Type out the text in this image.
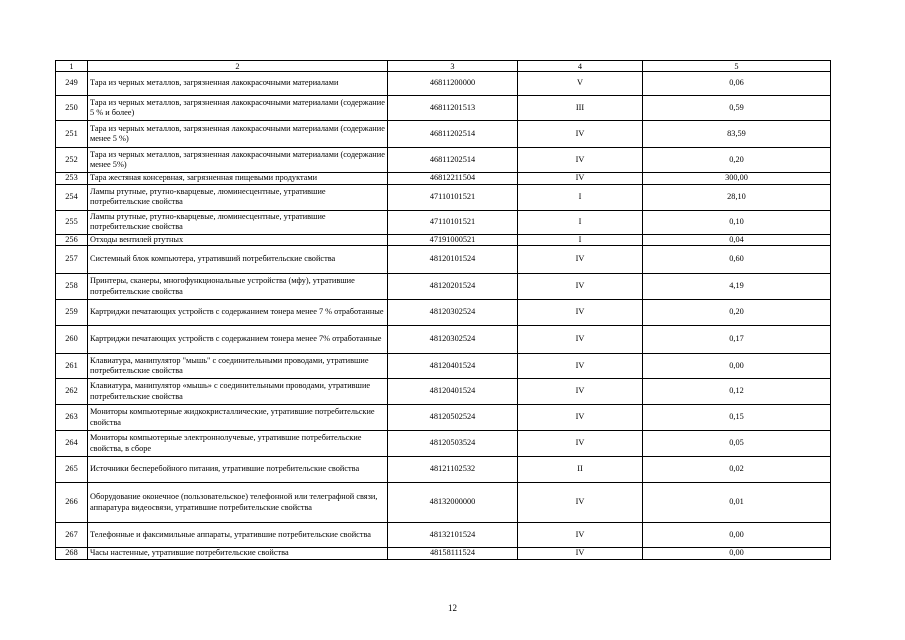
1	2	3	4	5
249	Тара из черных металлов, загрязненная лакокрасочными материалами	46811200000	V	0,06
250	Тара из черных металлов, загрязненная лакокрасочными материалами (содержание 5 % и более)	46811201513	III	0,59
251	Тара из черных металлов, загрязненная лакокрасочными материалами (содержание менее 5 %)	46811202514	IV	83,59
252	Тара из черных металлов, загрязненная лакокрасочными материалами (содержание менее 5%)	46811202514	IV	0,20
253	Тара жестяная консервная, загрязненная пищевыми продуктами	46812211504	IV	300,00
254	Лампы ртутные, ртутно-кварцевые, люминесцентные, утратившие потребительские свойства	47110101521	I	28,10
255	Лампы ртутные, ртутно-кварцевые, люминесцентные, утратившие потребительские свойства	47110101521	I	0,10
256	Отходы вентилей ртутных	47191000521	I	0,04
257	Системный блок компьютера, утративший потребительские свойства	48120101524	IV	0,60
258	Принтеры, сканеры, многофункциональные устройства (мфу), утратившие потребительские свойства	48120201524	IV	4,19
259	Картриджи печатающих устройств с содержанием тонера менее 7 % отработанные	48120302524	IV	0,20
260	Картриджи печатающих устройств с содержанием тонера менее 7% отработанные	48120302524	IV	0,17
261	Клавиатура, манипулятор "мышь" с соединительными проводами, утратившие потребительские свойства	48120401524	IV	0,00
262	Клавиатура, манипулятор «мышь» с соединительными проводами, утратившие потребительские свойства	48120401524	IV	0,12
263	Мониторы компьютерные жидкокристаллические, утратившие потребительские свойства	48120502524	IV	0,15
264	Мониторы компьютерные электроннолучевые, утратившие потребительские свойства, в сборе	48120503524	IV	0,05
265	Источники бесперебойного питания, утратившие потребительские свойства	48121102532	II	0,02
266	Оборудование оконечное (пользовательское) телефонной или телеграфной связи, аппаратура видеосвязи, утратившие потребительские свойства	48132000000	IV	0,01
267	Телефонные и факсимильные аппараты, утратившие потребительские свойства	48132101524	IV	0,00
268	Часы настенные, утратившие потребительские свойства	48158111524	IV	0,00
12
